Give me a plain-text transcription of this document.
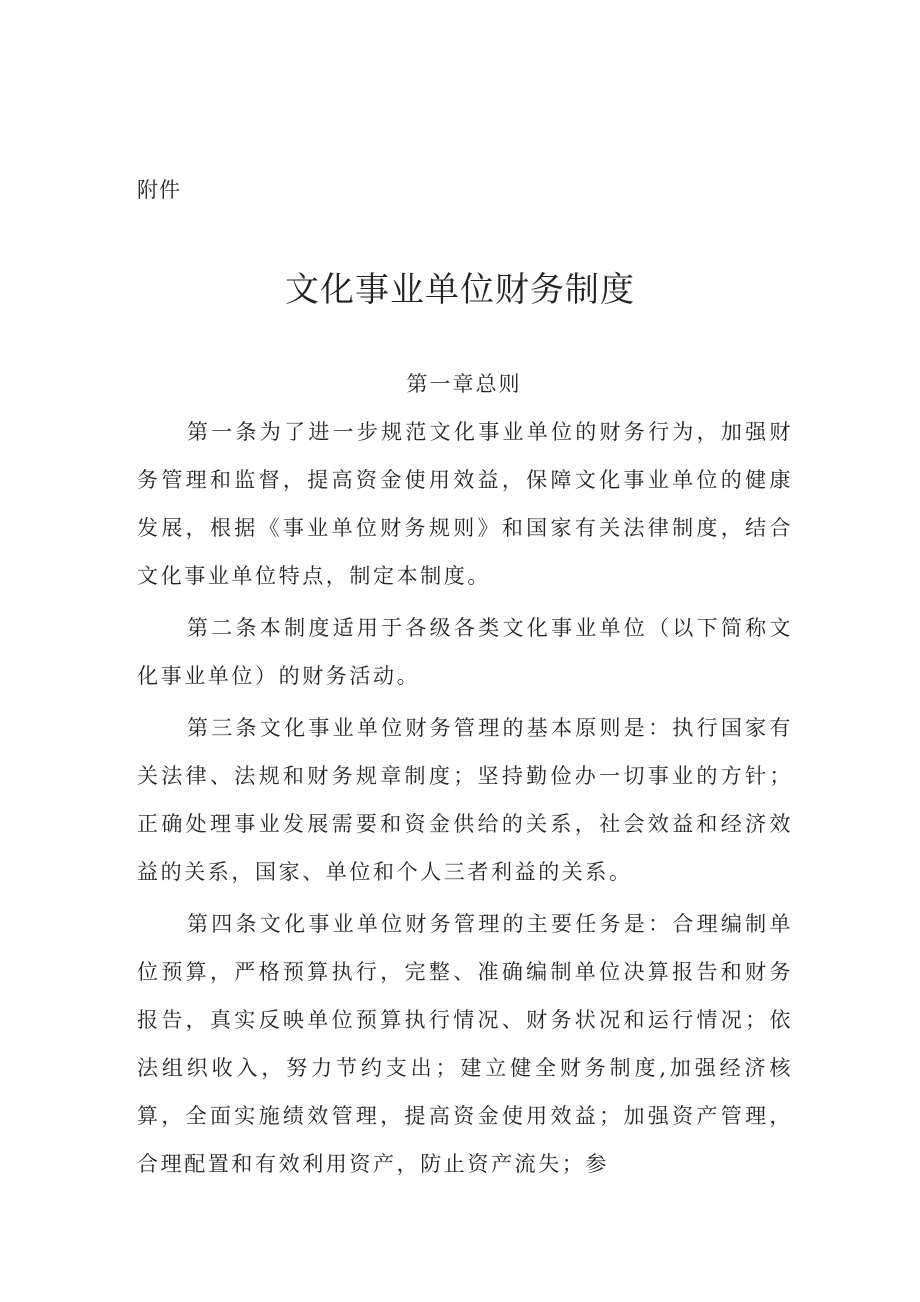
附件
文化事业单位财务制度
第一章总则

第一条为了进一步规范文化事业单位的财务行为，加强财务管理和监督，提高资金使用效益，保障文化事业单位的健康发展，根据《事业单位财务规则》和国家有关法律制度，结合文化事业单位特点，制定本制度。

第二条本制度适用于各级各类文化事业单位（以下简称文化事业单位）的财务活动。

第三条文化事业单位财务管理的基本原则是：执行国家有关法律、法规和财务规章制度；坚持勤俭办一切事业的方针；正确处理事业发展需要和资金供给的关系，社会效益和经济效益的关系，国家、单位和个人三者利益的关系。

第四条文化事业单位财务管理的主要任务是：合理编制单位预算，严格预算执行，完整、准确编制单位决算报告和财务报告，真实反映单位预算执行情况、财务状况和运行情况；依法组织收入，努力节约支出；建立健全财务制度,加强经济核算，全面实施绩效管理，提高资金使用效益；加强资产管理，合理配置和有效利用资产，防止资产流失；参
